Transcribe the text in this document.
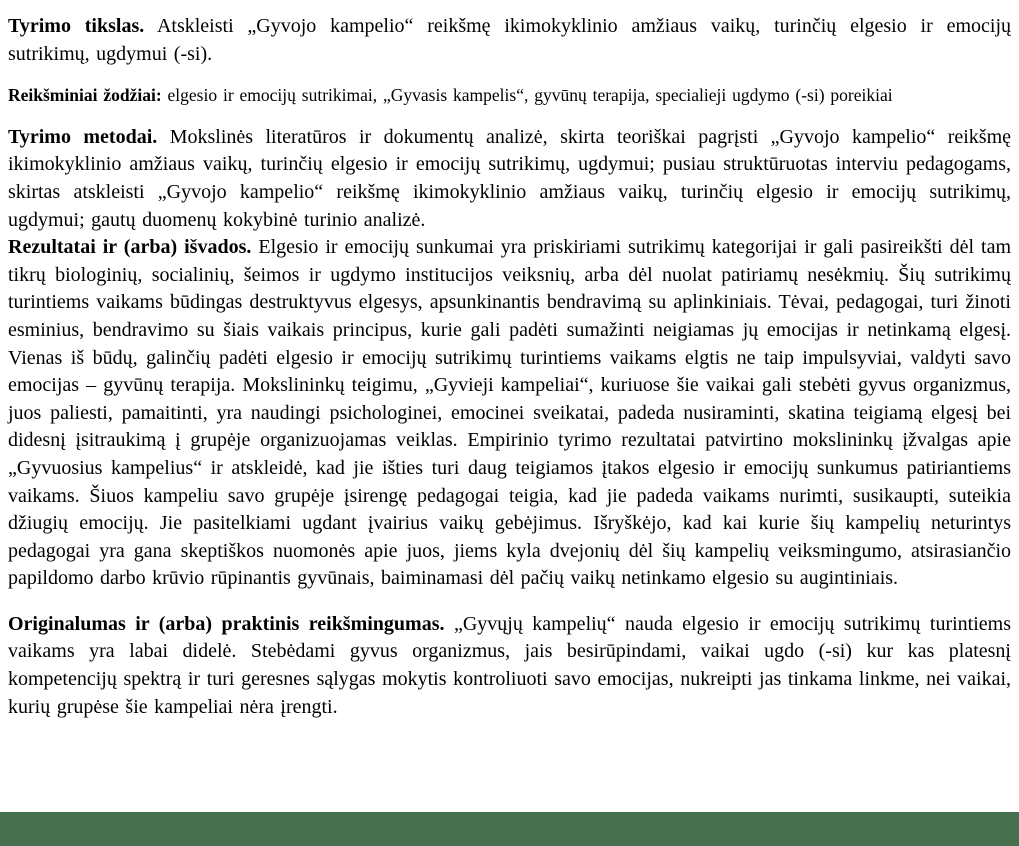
Tyrimo tikslas. Atskleisti „Gyvojo kampelio“ reikšmę ikimokyklinio amžiaus vaikų, turinčių elgesio ir emocijų sutrikimų, ugdymui (-si).

Reikšminiai žodžiai: elgesio ir emocijų sutrikimai, „Gyvasis kampelis“, gyvūnų terapija, specialieji ugdymo (-si) poreikiai

Tyrimo metodai. Mokslinės literatūros ir dokumentų analizė, skirta teoriškai pagrįsti „Gyvojo kampelio“ reikšmę ikimokyklinio amžiaus vaikų, turinčių elgesio ir emocijų sutrikimų, ugdymui; pusiau struktūruotas interviu pedagogams, skirtas atskleisti „Gyvojo kampelio“ reikšmę ikimokyklinio amžiaus vaikų, turinčių elgesio ir emocijų sutrikimų, ugdymui; gautų duomenų kokybinė turinio analizė.

Rezultatai ir (arba) išvados. Elgesio ir emocijų sunkumai yra priskiriami sutrikimų kategorijai ir gali pasireikšti dėl tam tikrų biologinių, socialinių, šeimos ir ugdymo institucijos veiksnių, arba dėl nuolat patiriamų nesėkmių. Šių sutrikimų turintiems vaikams būdingas destruktyvus elgesys, apsunkinantis bendravimą su aplinkiniais. Tėvai, pedagogai, turi žinoti esminius, bendravimo su šiais vaikais principus, kurie gali padėti sumažinti neigiamas jų emocijas ir netinkamą elgesį. Vienas iš būdų, galinčių padėti elgesio ir emocijų sutrikimų turintiems vaikams elgtis ne taip impulsyviai, valdyti savo emocijas – gyvūnų terapija. Mokslininkų teigimu, „Gyvieji kampeliai“, kuriuose šie vaikai gali stebėti gyvus organizmus, juos paliesti, pamaitinti, yra naudingi psichologinei, emocinei sveikatai, padeda nusiraminti, skatina teigiamą elgesį bei didesnį įsitraukimą į grupėje organizuojamas veiklas. Empirinio tyrimo rezultatai patvirtino mokslininkų įžvalgas apie „Gyvuosius kampelius“ ir atskleidė, kad jie išties turi daug teigiamos įtakos elgesio ir emocijų sunkumus patiriantiems vaikams. Šiuos kampeliu savo grupėje įsirengę pedagogai teigia, kad jie padeda vaikams nurimti, susikaupti, suteikia džiugių emocijų. Jie pasitelkiami ugdant įvairius vaikų gebėjimus. Išryškėjo, kad kai kurie šių kampelių neturintys pedagogai yra gana skeptiškos nuomonės apie juos, jiems kyla dvejonių dėl šių kampelių veiksmingumo, atsirasiančio papildomo darbo krūvio rūpinantis gyvūnais, baiminamasi dėl pačių vaikų netinkamo elgesio su augintiniais.

Originalumas ir (arba) praktinis reikšmingumas. „Gyvųjų kampelių“ nauda elgesio ir emocijų sutrikimų turintiems vaikams yra labai didelė. Stebėdami gyvus organizmus, jais besirūpindami, vaikai ugdo (-si) kur kas platesnį kompetencijų spektrą ir turi geresnes sąlygas mokytis kontroliuoti savo emocijas, nukreipti jas tinkama linkme, nei vaikai, kurių grupėse šie kampeliai nėra įrengti.
